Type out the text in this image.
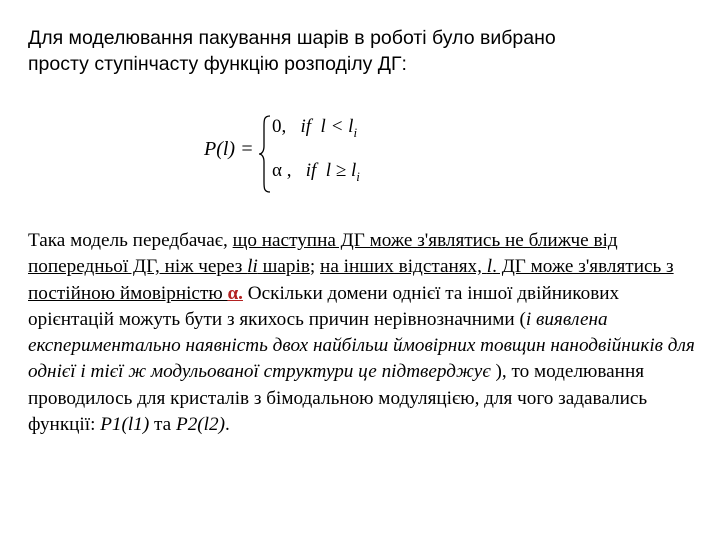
Для моделювання пакування шарів в роботі було вибрано
просту ступінчасту функцію розподілу ДГ:
P(l) =
0, if  $l < l_i$
α , if  $l \ge l_i$
Така модель передбачає, що наступна ДГ може з'являтись не ближче від попередньої ДГ, ніж через li шарів; на інших відстанях, l. ДГ може з'являтись з постійною ймовірністю α. Оскільки домени однієї та іншої двійникових орієнтацій можуть бути з якихось причин нерівнозначними (і виявлена експериментально наявність двох найбільш ймовірних товщин нанодвійників для однієї і тієї ж модульованої структури це підтверджує ), то моделювання проводилось для кристалів з бімодальною модуляцією, для чого задавались функції: P1(l1) та P2(l2).
